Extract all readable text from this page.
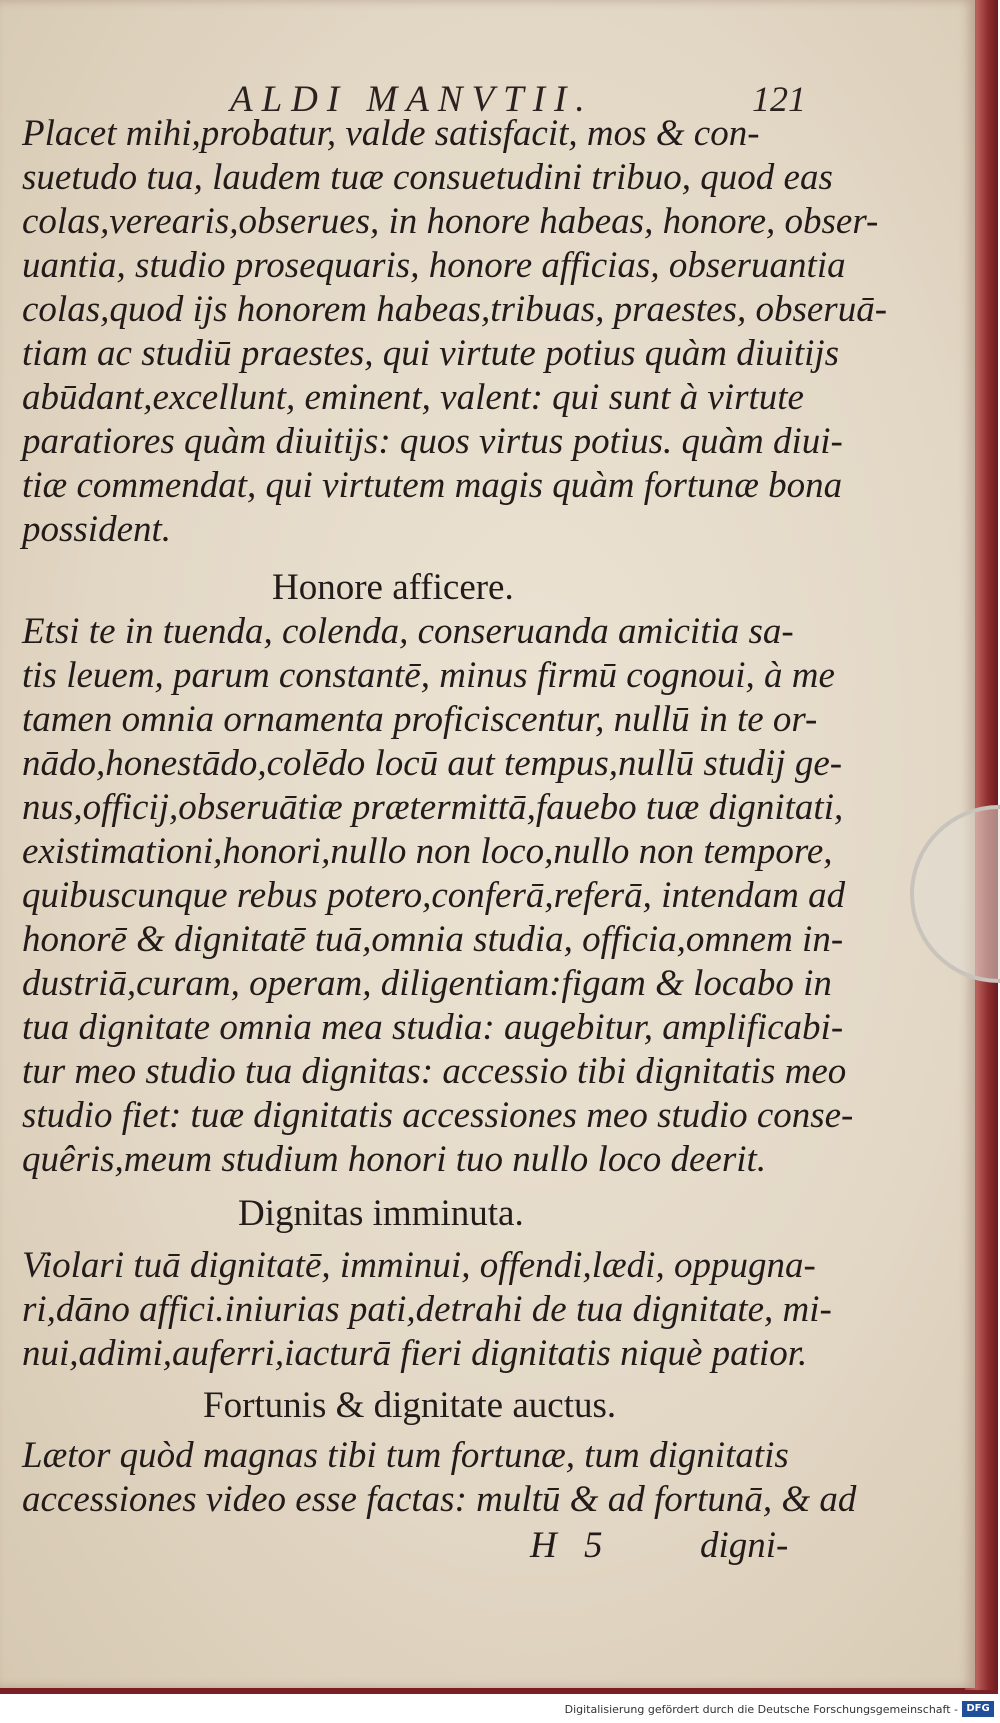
ALDI MANVTII.	121
Placet mihi,probatur, valde satisfacit, mos & con-
suetudo tua, laudem tuæ consuetudini tribuo, quod eas
colas,verearis,obserues, in honore habeas, honore, obser-
uantia, studio prosequaris, honore afficias, obseruantia
colas,quod ijs honorem habeas,tribuas, praestes, obseruā-
tiam ac studiū praestes, qui virtute potius quàm diuitijs
abūdant,excellunt, eminent, valent: qui sunt à virtute
paratiores quàm diuitijs: quos virtus potius. quàm diui-
tiæ commendat, qui virtutem magis quàm fortunæ bona
possident.
Honore afficere.
Etsi te in tuenda, colenda, conseruanda amicitia sa-
tis leuem, parum constantē, minus firmū cognoui, à me
tamen omnia ornamenta proficiscentur, nullū in te or-
nādo,honestādo,colēdo locū aut tempus,nullū studij ge-
nus,officij,obseruātiæ prætermittā,fauebo tuæ dignitati,
existimationi,honori,nullo non loco,nullo non tempore,
quibuscunque rebus potero,conferā,referā, intendam ad
honorē & dignitatē tuā,omnia studia, officia,omnem in-
dustriā,curam, operam, diligentiam:figam & locabo in
tua dignitate omnia mea studia: augebitur, amplificabi-
tur meo studio tua dignitas: accessio tibi dignitatis meo
studio fiet: tuæ dignitatis accessiones meo studio conse-
quêris,meum studium honori tuo nullo loco deerit.
Dignitas imminuta.
Violari tuā dignitatē, imminui, offendi,lædi, oppugna-
ri,dāno affici.iniurias pati,detrahi de tua dignitate, mi-
nui,adimi,auferri,iacturā fieri dignitatis niquè patior.
Fortunis & dignitate auctus.
Lætor quòd magnas tibi tum fortunæ, tum dignitatis
accessiones video esse factas: multū & ad fortunā, & ad
H 5	digni-
Digitalisierung gefördert durch die Deutsche Forschungsgemeinschaft - DFG
